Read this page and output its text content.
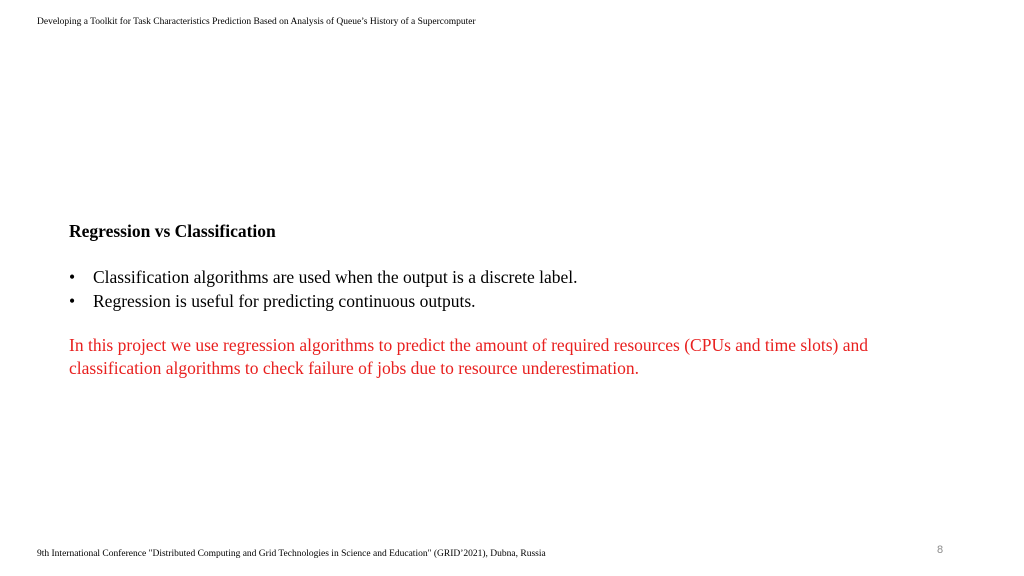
Developing a Toolkit for Task Characteristics Prediction Based on Analysis of Queue’s History of a Supercomputer
Regression vs Classification
•	Classification algorithms are used when the output is a discrete label.
•	Regression is useful for predicting continuous outputs.
In this project we use regression algorithms to predict the amount of required resources (CPUs and time slots) and
classification algorithms to check failure of jobs due to resource underestimation.
9th International Conference "Distributed Computing and Grid Technologies in Science and Education" (GRID’2021), Dubna, Russia	8
